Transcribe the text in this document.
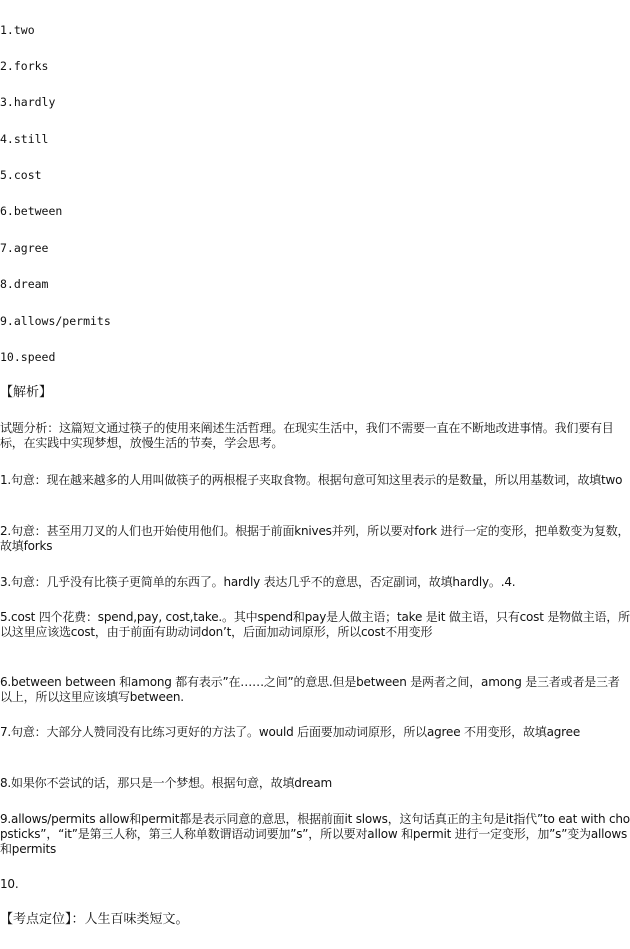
1.two
2.forks
3.hardly
4.still
5.cost
6.between
7.agree
8.dream
9.allows/permits
10.speed
【解析】
试题分析：这篇短文通过筷子的使用来阐述生活哲理。在现实生活中，我们不需要一直在不断地改进事情。我们要有目标，在实践中实现梦想，放慢生活的节奏，学会思考。
1.句意：现在越来越多的人用叫做筷子的两根棍子夹取食物。根据句意可知这里表示的是数量，所以用基数词，故填two
2.句意：甚至用刀叉的人们也开始使用他们。根据于前面knives并列，所以要对fork 进行一定的变形，把单数变为复数，故填forks
3.句意：几乎没有比筷子更简单的东西了。hardly 表达几乎不的意思，否定副词，故填hardly。.4.
5.cost 四个花费：spend,pay, cost,take.。其中spend和pay是人做主语；take 是it 做主语，只有cost 是物做主语，所以这里应该选cost，由于前面有助动词don’t，后面加动词原形，所以cost不用变形
6.between between 和among 都有表示”在……之间”的意思.但是between 是两者之间，among 是三者或者是三者以上，所以这里应该填写between.
7.句意：大部分人赞同没有比练习更好的方法了。would 后面要加动词原形，所以agree 不用变形，故填agree
8.如果你不尝试的话，那只是一个梦想。根据句意，故填dream
9.allows/permits allow和permit都是表示同意的意思，根据前面it slows，这句话真正的主句是it指代”to eat with chopsticks”，“it”是第三人称，第三人称单数谓语动词要加”s”，所以要对allow 和permit 进行一定变形，加”s”变为allows 和permits
10.
【考点定位】：人生百味类短文。
